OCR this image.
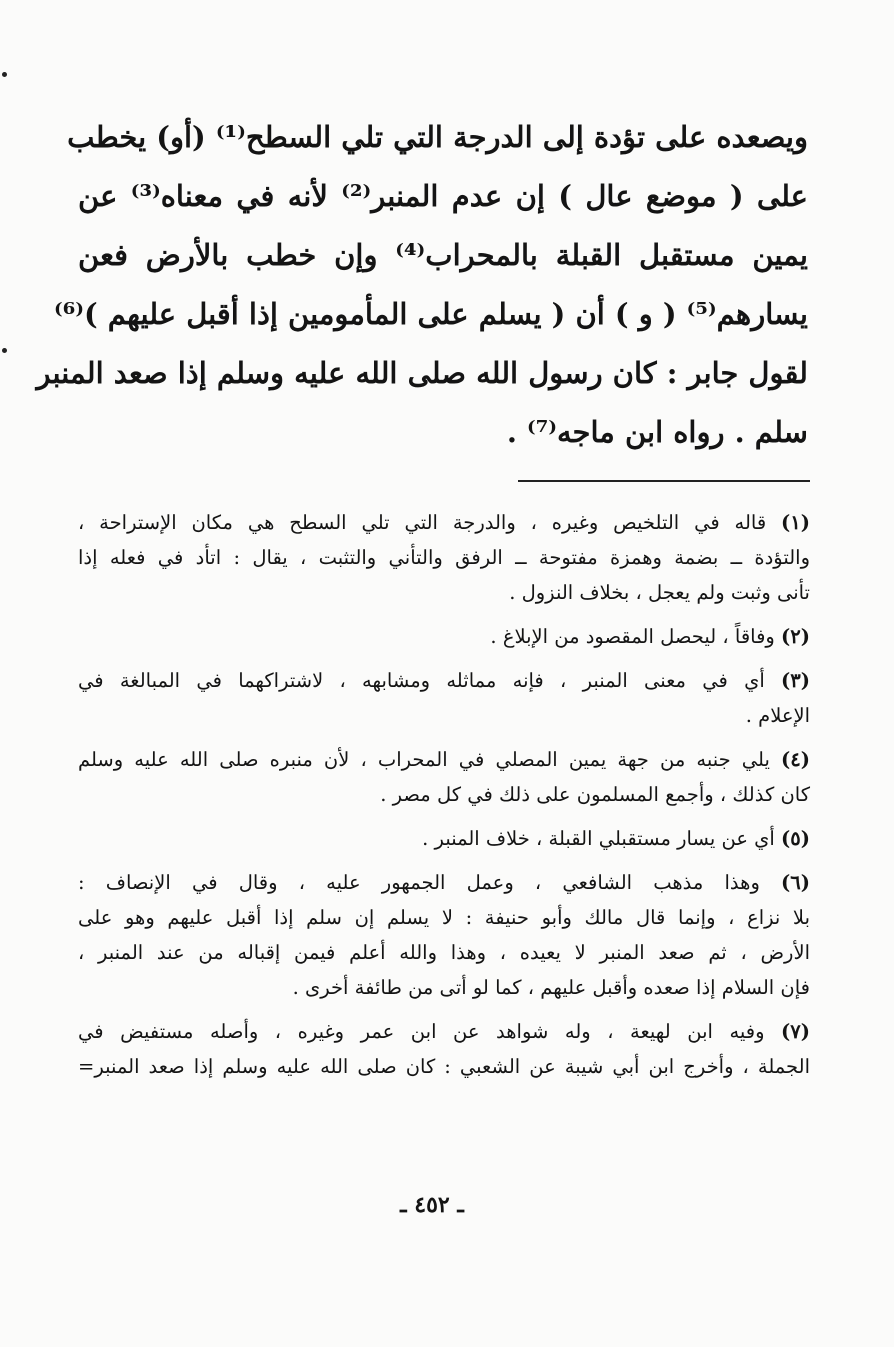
ويصعده على تؤدة إلى الدرجة التي تلي السطح⁽¹⁾ (أو) يخطب
على ( موضع عال ) إن عدم المنبر⁽²⁾ لأنه في معناه⁽³⁾ عن
يمين مستقبل القبلة بالمحراب⁽⁴⁾ وإن خطب بالأرض فعن
يسارهم⁽⁵⁾ ( و ) أن ( يسلم على المأمومين إذا أقبل عليهم )⁽⁶⁾
لقول جابر : كان رسول الله صلى الله عليه وسلم إذا صعد المنبر
سلم . رواه ابن ماجه⁽⁷⁾ .
(١) قاله في التلخيص وغيره ، والدرجة التي تلي السطح هي مكان الإستراحة ،
والتؤدة ــ بضمة وهمزة مفتوحة ــ الرفق والتأني والتثبت ، يقال : اتأد في فعله إذا
تأنى وثبت ولم يعجل ، بخلاف النزول .
(٢) وفاقاً ، ليحصل المقصود من الإبلاغ .
(٣) أي في معنى المنبر ، فإنه مماثله ومشابهه ، لاشتراكهما في المبالغة في
الإعلام .
(٤) يلي جنبه من جهة يمين المصلي في المحراب ، لأن منبره صلى الله عليه وسلم
كان كذلك ، وأجمع المسلمون على ذلك في كل مصر .
(٥) أي عن يسار مستقبلي القبلة ، خلاف المنبر .
(٦) وهذا مذهب الشافعي ، وعمل الجمهور عليه ، وقال في الإنصاف :
بلا نزاع ، وإنما قال مالك وأبو حنيفة : لا يسلم إن سلم إذا أقبل عليهم وهو على
الأرض ، ثم صعد المنبر لا يعيده ، وهذا والله أعلم فيمن إقباله من عند المنبر ،
فإن السلام إذا صعده وأقبل عليهم ، كما لو أتى من طائفة أخرى .
(٧) وفيه ابن لهيعة ، وله شواهد عن ابن عمر وغيره ، وأصله مستفيض في
الجملة ، وأخرج ابن أبي شيبة عن الشعبي : كان صلى الله عليه وسلم إذا صعد المنبر=
ـ ٤٥٢ ـ
